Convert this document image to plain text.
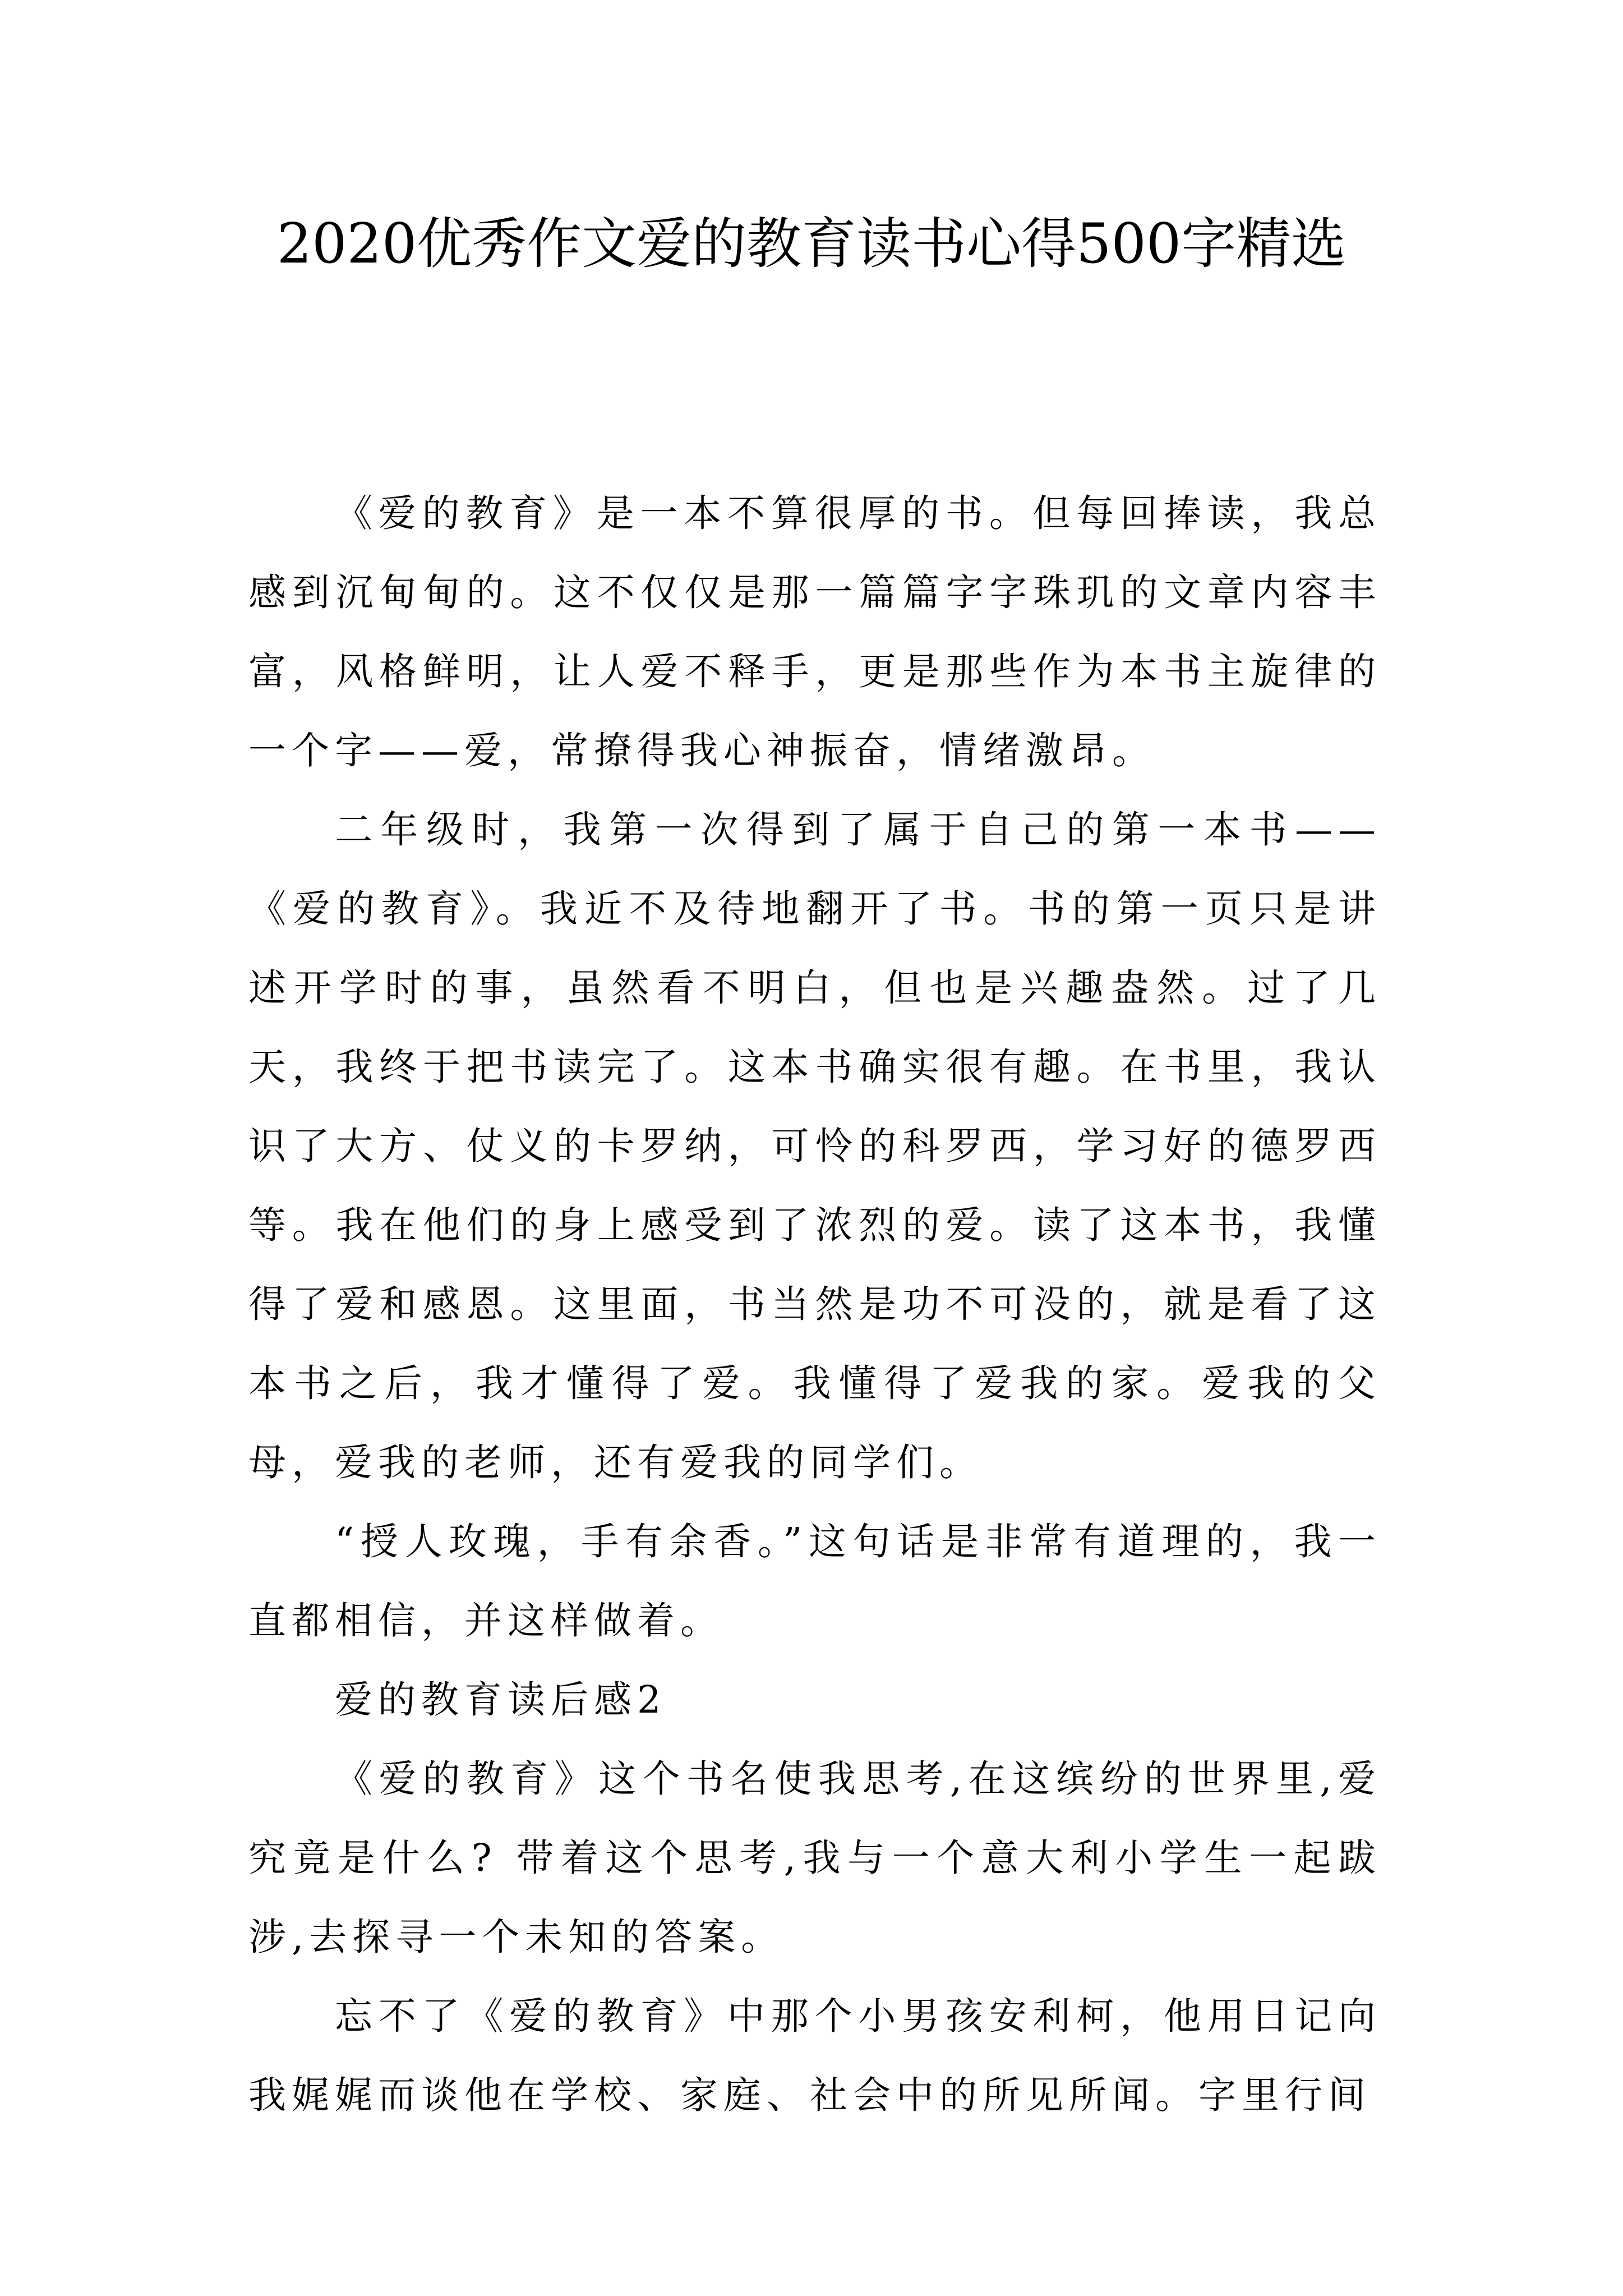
2020优秀作文爱的教育读书心得500字精选

《爱的教育》是一本不算很厚的书。但每回捧读，我总感到沉甸甸的。这不仅仅是那一篇篇字字珠玑的文章内容丰富，风格鲜明，让人爱不释手，更是那些作为本书主旋律的一个字——爱，常撩得我心神振奋，情绪激昂。

二年级时，我第一次得到了属于自己的第一本书——《爱的教育》。我近不及待地翻开了书。书的第一页只是讲述开学时的事，虽然看不明白，但也是兴趣盎然。过了几天，我终于把书读完了。这本书确实很有趣。在书里，我认识了大方、仗义的卡罗纳，可怜的科罗西，学习好的德罗西等。我在他们的身上感受到了浓烈的爱。读了这本书，我懂得了爱和感恩。这里面，书当然是功不可没的，就是看了这本书之后，我才懂得了爱。我懂得了爱我的家。爱我的父母，爱我的老师，还有爱我的同学们。

“授人玫瑰，手有余香。”这句话是非常有道理的，我一直都相信，并这样做着。

爱的教育读后感2

《爱的教育》这个书名使我思考,在这缤纷的世界里,爱究竟是什么? 带着这个思考,我与一个意大利小学生一起跋涉,去探寻一个未知的答案。

忘不了《爱的教育》中那个小男孩安利柯，他用日记向我娓娓而谈他在学校、家庭、社会中的所见所闻。字里行间
